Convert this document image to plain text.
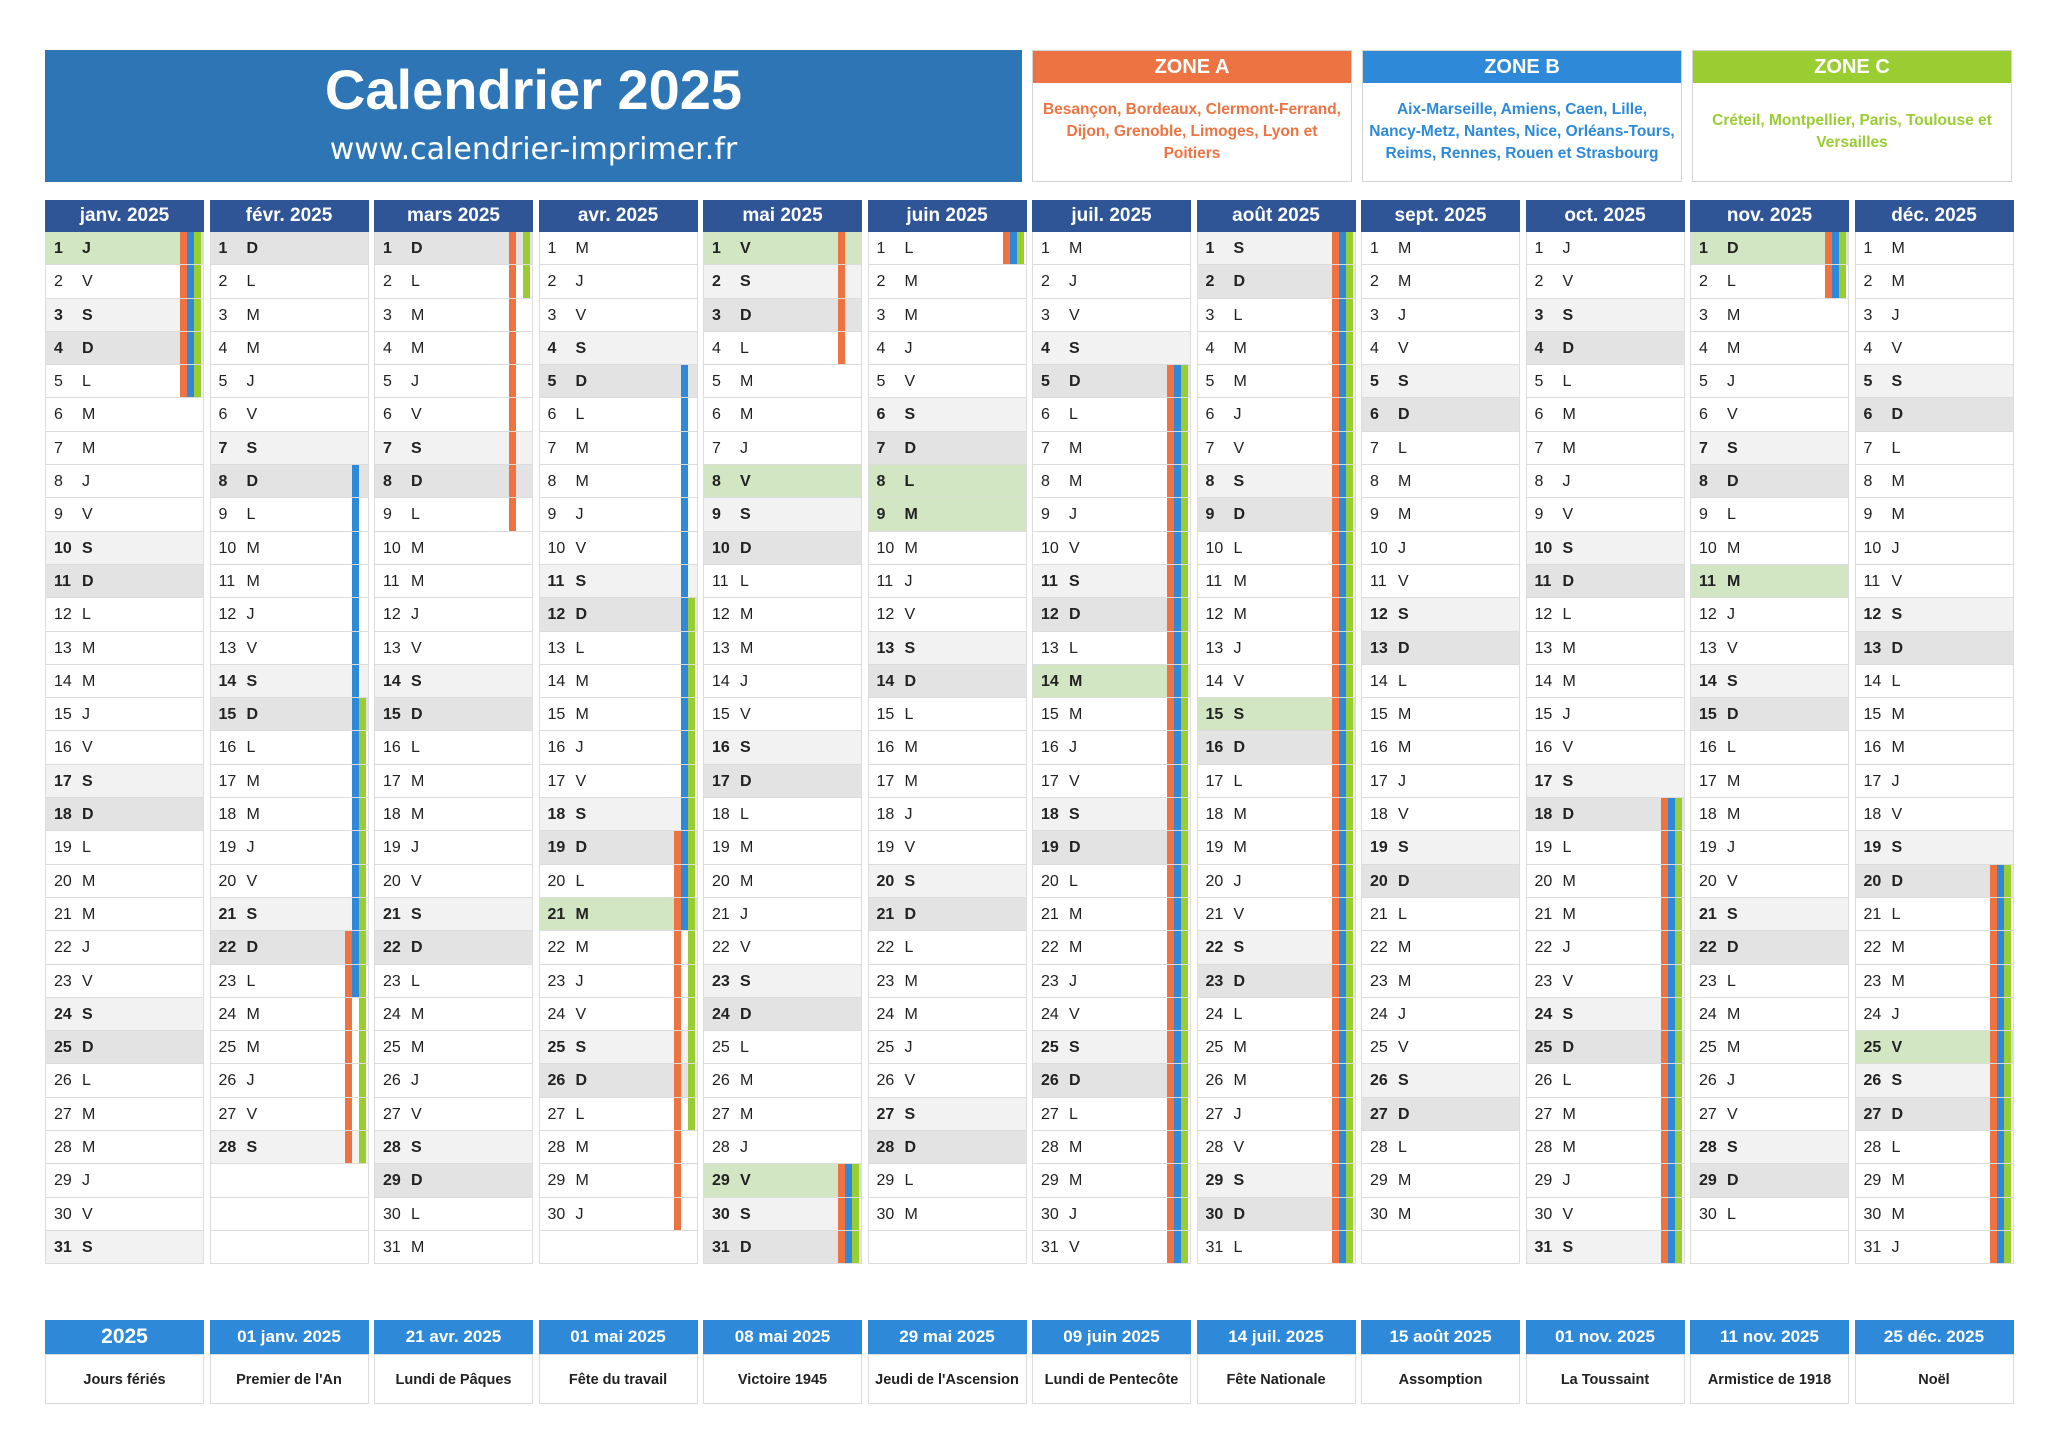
Calendrier 2025
www.calendrier-imprimer.fr
ZONE A
Besançon, Bordeaux, Clermont-Ferrand, Dijon, Grenoble, Limoges, Lyon et Poitiers
ZONE B
Aix-Marseille, Amiens, Caen, Lille, Nancy-Metz, Nantes, Nice, Orléans-Tours, Reims, Rennes, Rouen et Strasbourg
ZONE C
Créteil, Montpellier, Paris, Toulouse et Versailles
janv. 2025
1 J
2 V
3 S
4 D
5 L
6 M
7 M
8 J
9 V
10 S
11 D
12 L
13 M
14 M
15 J
16 V
17 S
18 D
19 L
20 M
21 M
22 J
23 V
24 S
25 D
26 L
27 M
28 M
29 J
30 V
31 S
févr. 2025
1 D
2 L
3 M
4 M
5 J
6 V
7 S
8 D
9 L
10 M
11 M
12 J
13 V
14 S
15 D
16 L
17 M
18 M
19 J
20 V
21 S
22 D
23 L
24 M
25 M
26 J
27 V
28 S
mars 2025
1 D
2 L
3 M
4 M
5 J
6 V
7 S
8 D
9 L
10 M
11 M
12 J
13 V
14 S
15 D
16 L
17 M
18 M
19 J
20 V
21 S
22 D
23 L
24 M
25 M
26 J
27 V
28 S
29 D
30 L
31 M
avr. 2025
1 M
2 J
3 V
4 S
5 D
6 L
7 M
8 M
9 J
10 V
11 S
12 D
13 L
14 M
15 M
16 J
17 V
18 S
19 D
20 L
21 M
22 M
23 J
24 V
25 S
26 D
27 L
28 M
29 M
30 J
mai 2025
1 V
2 S
3 D
4 L
5 M
6 M
7 J
8 V
9 S
10 D
11 L
12 M
13 M
14 J
15 V
16 S
17 D
18 L
19 M
20 M
21 J
22 V
23 S
24 D
25 L
26 M
27 M
28 J
29 V
30 S
31 D
juin 2025
1 L
2 M
3 M
4 J
5 V
6 S
7 D
8 L
9 M
10 M
11 J
12 V
13 S
14 D
15 L
16 M
17 M
18 J
19 V
20 S
21 D
22 L
23 M
24 M
25 J
26 V
27 S
28 D
29 L
30 M
juil. 2025
1 M
2 J
3 V
4 S
5 D
6 L
7 M
8 M
9 J
10 V
11 S
12 D
13 L
14 M
15 M
16 J
17 V
18 S
19 D
20 L
21 M
22 M
23 J
24 V
25 S
26 D
27 L
28 M
29 M
30 J
31 V
août 2025
1 S
2 D
3 L
4 M
5 M
6 J
7 V
8 S
9 D
10 L
11 M
12 M
13 J
14 V
15 S
16 D
17 L
18 M
19 M
20 J
21 V
22 S
23 D
24 L
25 M
26 M
27 J
28 V
29 S
30 D
31 L
sept. 2025
1 M
2 M
3 J
4 V
5 S
6 D
7 L
8 M
9 M
10 J
11 V
12 S
13 D
14 L
15 M
16 M
17 J
18 V
19 S
20 D
21 L
22 M
23 M
24 J
25 V
26 S
27 D
28 L
29 M
30 M
oct. 2025
1 J
2 V
3 S
4 D
5 L
6 M
7 M
8 J
9 V
10 S
11 D
12 L
13 M
14 M
15 J
16 V
17 S
18 D
19 L
20 M
21 M
22 J
23 V
24 S
25 D
26 L
27 M
28 M
29 J
30 V
31 S
nov. 2025
1 D
2 L
3 M
4 M
5 J
6 V
7 S
8 D
9 L
10 M
11 M
12 J
13 V
14 S
15 D
16 L
17 M
18 M
19 J
20 V
21 S
22 D
23 L
24 M
25 M
26 J
27 V
28 S
29 D
30 L
déc. 2025
1 M
2 M
3 J
4 V
5 S
6 D
7 L
8 M
9 M
10 J
11 V
12 S
13 D
14 L
15 M
16 M
17 J
18 V
19 S
20 D
21 L
22 M
23 M
24 J
25 V
26 S
27 D
28 L
29 M
30 M
31 J
2025
Jours fériés
01 janv. 2025
Premier de l'An
21 avr. 2025
Lundi de Pâques
01 mai 2025
Fête du travail
08 mai 2025
Victoire 1945
29 mai 2025
Jeudi de l'Ascension
09 juin 2025
Lundi de Pentecôte
14 juil. 2025
Fête Nationale
15 août 2025
Assomption
01 nov. 2025
La Toussaint
11 nov. 2025
Armistice de 1918
25 déc. 2025
Noël
